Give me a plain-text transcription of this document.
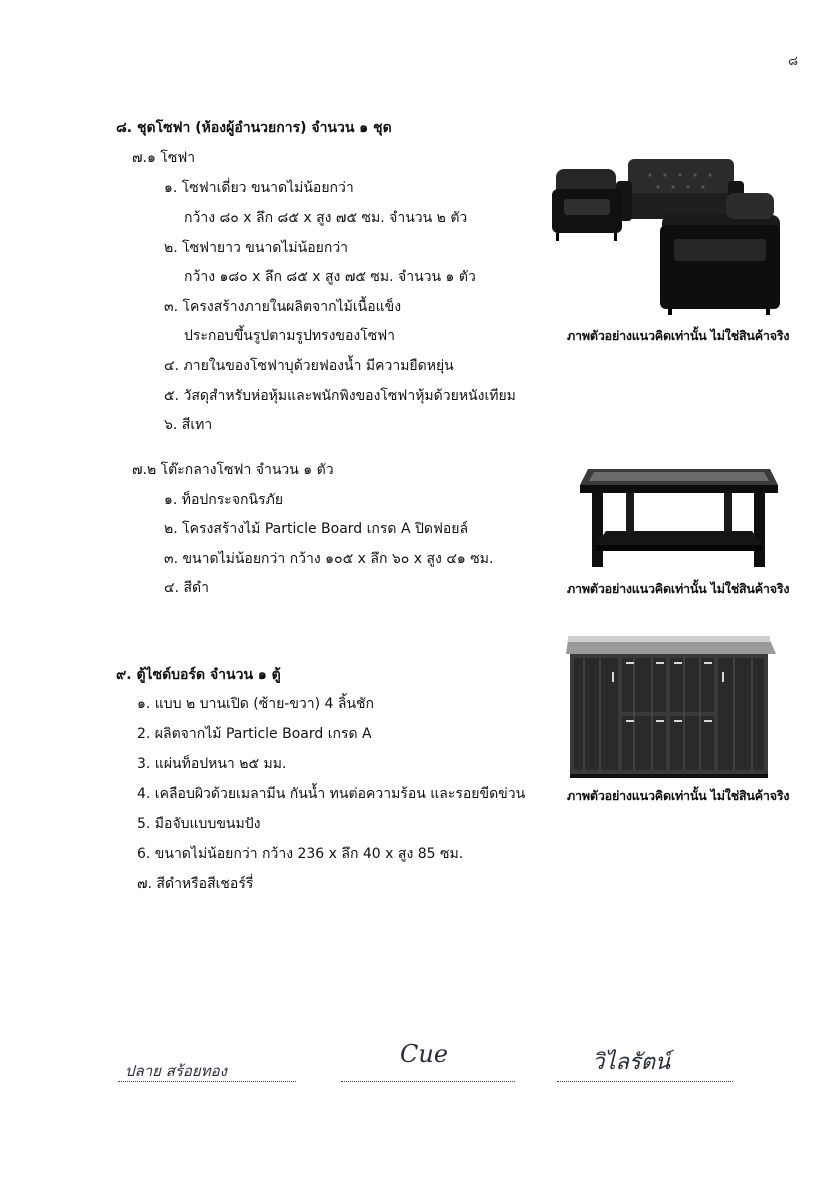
๘
๘. ชุดโซฟา (ห้องผู้อำนวยการ) จำนวน ๑ ชุด
๗.๑ โซฟา
๑. โซฟาเดี่ยว ขนาดไม่น้อยกว่า
กว้าง ๘๐ x ลึก ๘๕ x สูง ๗๕ ซม. จำนวน ๒ ตัว
๒. โซฟายาว ขนาดไม่น้อยกว่า
กว้าง ๑๘๐ x ลึก ๘๕ x สูง ๗๕ ซม. จำนวน ๑ ตัว
๓. โครงสร้างภายในผลิตจากไม้เนื้อแข็ง
ประกอบขึ้นรูปตามรูปทรงของโซฟา
๔. ภายในของโซฟาบุด้วยฟองน้ำ มีความยืดหยุ่น
๕. วัสดุสำหรับห่อหุ้มและพนักพิงของโซฟาหุ้มด้วยหนังเทียม
๖. สีเทา
ภาพตัวอย่างแนวคิดเท่านั้น ไม่ใช่สินค้าจริง
๗.๒ โต๊ะกลางโซฟา จำนวน ๑ ตัว
๑. ท็อปกระจกนิรภัย
๒. โครงสร้างไม้ Particle Board เกรด A ปิดฟอยล์
๓. ขนาดไม่น้อยกว่า กว้าง ๑๐๕ x ลึก ๖๐ x สูง ๔๑ ซม.
๔. สีดำ	ภาพตัวอย่างแนวคิดเท่านั้น ไม่ใช่สินค้าจริง
๙. ตู้ไซด์บอร์ด จำนวน ๑ ตู้
๑. แบบ ๒ บานเปิด (ซ้าย-ขวา) 4 ลิ้นชัก
2. ผลิตจากไม้ Particle Board เกรด A
3. แผ่นท็อปหนา ๒๕ มม.
4. เคลือบผิวด้วยเมลามีน กันน้ำ ทนต่อความร้อน และรอยขีดข่วน
5. มือจับแบบขนมปัง
6. ขนาดไม่น้อยกว่า กว้าง 236 x ลึก 40 x สูง 85 ซม.
๗. สีดำหรือสีเชอร์รี่
ภาพตัวอย่างแนวคิดเท่านั้น ไม่ใช่สินค้าจริง
ปลาย สร้อยทอง
Cue	วิไลรัตน์
